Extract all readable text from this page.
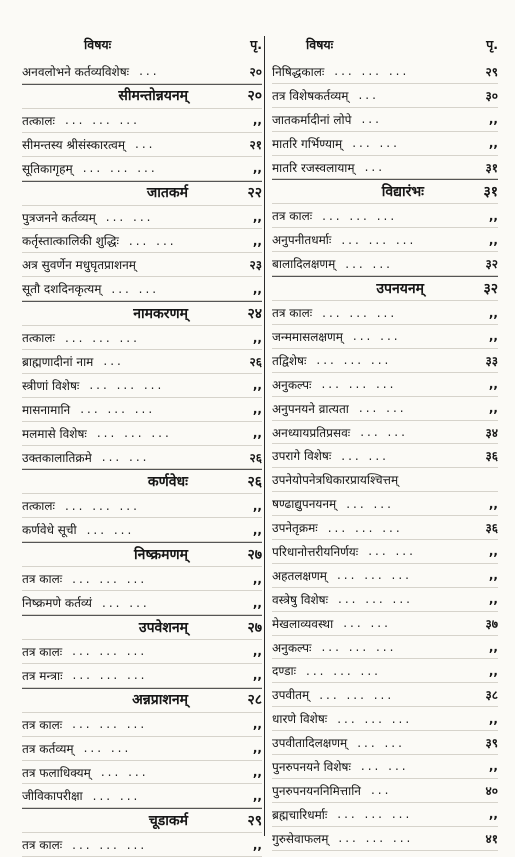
विषयः	पृ.
अनवलोभने कर्तव्यविशेषः ...	२०
सीमन्तोन्नयनम्	२०
तत्कालः ... ... ...	,,
सीमन्तस्य श्रीसंस्कारत्वम् ...	२१
सूतिकागृहम् ... ... ...	,,
जातकर्म	२२
पुत्रजनने कर्तव्यम् ... ...	,,
कर्तृस्तात्कालिकी शुद्धिः ... ...	,,
अत्र सुवर्णेन मधुघृतप्राशनम्	२३
सूतौ दशदिनकृत्यम् ... ...	,,
नामकरणम्	२४
तत्कालः ... ... ...	,,
ब्राह्मणादीनां नाम ...	२६
स्त्रीणां विशेषः ... ... ...	,,
मासनामानि ... ... ...	,,
मलमासे विशेषः ... ... ...	,,
उक्तकालातिक्रमे ... ...	२६
कर्णवेधः	२६
तत्कालः ... ... ...	,,
कर्णवेधे सूची ... ...	,,
निष्क्रमणम्	२७
तत्र कालः ... ... ...	,,
निष्क्रमणे कर्तव्यं ... ...	,,
उपवेशनम्	२७
तत्र कालः ... ... ...	,,
तत्र मन्त्राः ... ... ...	,,
अन्नप्राशनम्	२८
तत्र कालः ... ... ...	,,
तत्र कर्तव्यम् ... ...	,,
तत्र फलाधिक्यम् ... ...	,,
जीविकापरीक्षा ... ...	,,
चूडाकर्म	२९
तत्र कालः ... ... ...	,,
विषयः	पृ.
निषिद्धकालः ... ... ...	२९
तत्र विशेषकर्तव्यम् ...	३०
जातकर्मादीनां लोपे ...	,,
मातरि गर्भिण्याम् ... ...	,,
मातरि रजस्वलायाम् ...	३१
विद्यारंभः	३१
तत्र कालः ... ... ...	,,
अनुपनीतधर्माः ... ... ...	,,
बालादिलक्षणम् ... ...	३२
उपनयनम्	३२
तत्र कालः ... ... ...	,,
जन्ममासलक्षणम् ... ...	,,
तद्विशेषः ... ... ...	३३
अनुकल्पः ... ... ...	,,
अनुपनयने व्रात्यता ... ...	,,
अनध्यायप्रतिप्रसवः ... ...	३४
उपरागे विशेषः ... ...	३६
उपनेयोपनेत्रधिकारप्रायश्चित्तम्
षण्ढाद्युपनयनम् ... ...	,,
उपनेतृक्रमः ... ... ...	३६
परिधानोत्तरीयनिर्णयः ... ...	,,
अहतलक्षणम् ... ... ...	,,
वस्त्रेषु विशेषः ... ... ...	,,
मेखलाव्यवस्था ... ...	३७
अनुकल्पः ... ... ...	,,
दण्डाः ... ... ...	,,
उपवीतम् ... ... ...	३८
धारणे विशेषः ... ... ...	,,
उपवीतादिलक्षणम् ... ...	३९
पुनरुपनयने विशेषः ... ...	,,
पुनरुपनयननिमित्तानि ...	४०
ब्रह्मचारिधर्माः ... ... ...	,,
गुरुसेवाफलम् ... ... ...	४१
